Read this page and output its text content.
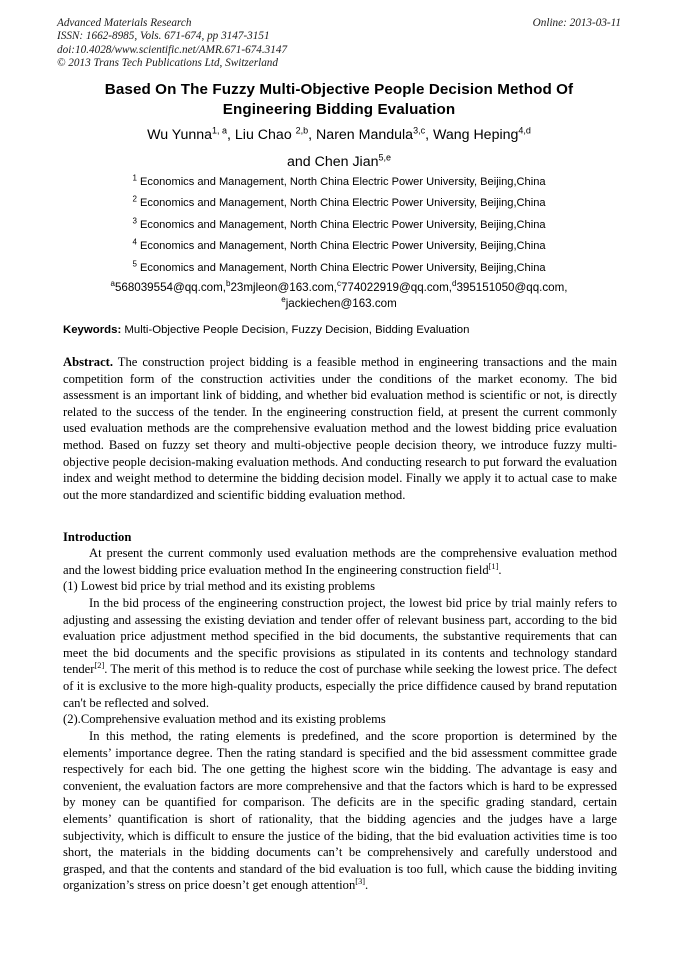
Advanced Materials Research	Online: 2013-03-11
ISSN: 1662-8985, Vols. 671-674, pp 3147-3151
doi:10.4028/www.scientific.net/AMR.671-674.3147
© 2013 Trans Tech Publications Ltd, Switzerland
Based On The Fuzzy Multi-Objective People Decision Method Of Engineering Bidding Evaluation
Wu Yunna$^{1, a}$, Liu Chao $^{2,b}$, Naren Mandula$^{3,c}$, Wang Heping$^{4,d}$
and Chen Jian$^{5,e}$
$^1$ Economics and Management, North China Electric Power University, Beijing,China
$^2$ Economics and Management, North China Electric Power University, Beijing,China
$^3$ Economics and Management, North China Electric Power University, Beijing,China
$^4$ Economics and Management, North China Electric Power University, Beijing,China
$^5$ Economics and Management, North China Electric Power University, Beijing,China
$^a$568039554@qq.com,$^b$23mjleon@163.com,$^c$774022919@qq.com,$^d$395151050@qq.com,
$^e$jackiechen@163.com
Keywords: Multi-Objective People Decision, Fuzzy Decision, Bidding Evaluation
Abstract. The construction project bidding is a feasible method in engineering transactions and the main competition form of the construction activities under the conditions of the market economy. The bid assessment is an important link of bidding, and whether bid evaluation method is scientific or not, is directly related to the success of the tender. In the engineering construction field, at present the current commonly used evaluation methods are the comprehensive evaluation method and the lowest bidding price evaluation method. Based on fuzzy set theory and multi-objective people decision theory, we introduce fuzzy multi-objective people decision-making evaluation methods. And conducting research to put forward the evaluation index and weight method to determine the bidding decision model. Finally we apply it to actual case to make out the more standardized and scientific bidding evaluation method.
Introduction
At present the current commonly used evaluation methods are the comprehensive evaluation method and the lowest bidding price evaluation method In the engineering construction field[1].
(1) Lowest bid price by trial method and its existing problems
In the bid process of the engineering construction project, the lowest bid price by trial mainly refers to adjusting and assessing the existing deviation and tender offer of relevant business part, according to the bid evaluation price adjustment method specified in the bid documents, the substantive requirements that can meet the bid documents and the specific provisions as stipulated in its contents and technology standard tender[2]. The merit of this method is to reduce the cost of purchase while seeking the lowest price. The defect of it is exclusive to the more high-quality products, especially the price diffidence caused by brand reputation can't be reflected and solved.
(2).Comprehensive evaluation method and its existing problems
In this method, the rating elements is predefined, and the score proportion is determined by the elements’ importance degree. Then the rating standard is specified and the bid assessment committee grade respectively for each bid. The one getting the highest score win the bidding. The advantage is easy and convenient, the evaluation factors are more comprehensive and that the factors which is hard to be expressed by money can be quantified for comparison. The deficits are in the specific grading standard, certain elements’ quantification is short of rationality, that the bidding agencies and the judges have a large subjectivity, which is difficult to ensure the justice of the biding, that the bid evaluation activities time is too short, the materials in the bidding documents can’t be comprehensively and carefully understood and grasped, and that the contents and standard of the bid evaluation is too full, which cause the bidding inviting organization’s stress on price doesn’t get enough attention[3].
